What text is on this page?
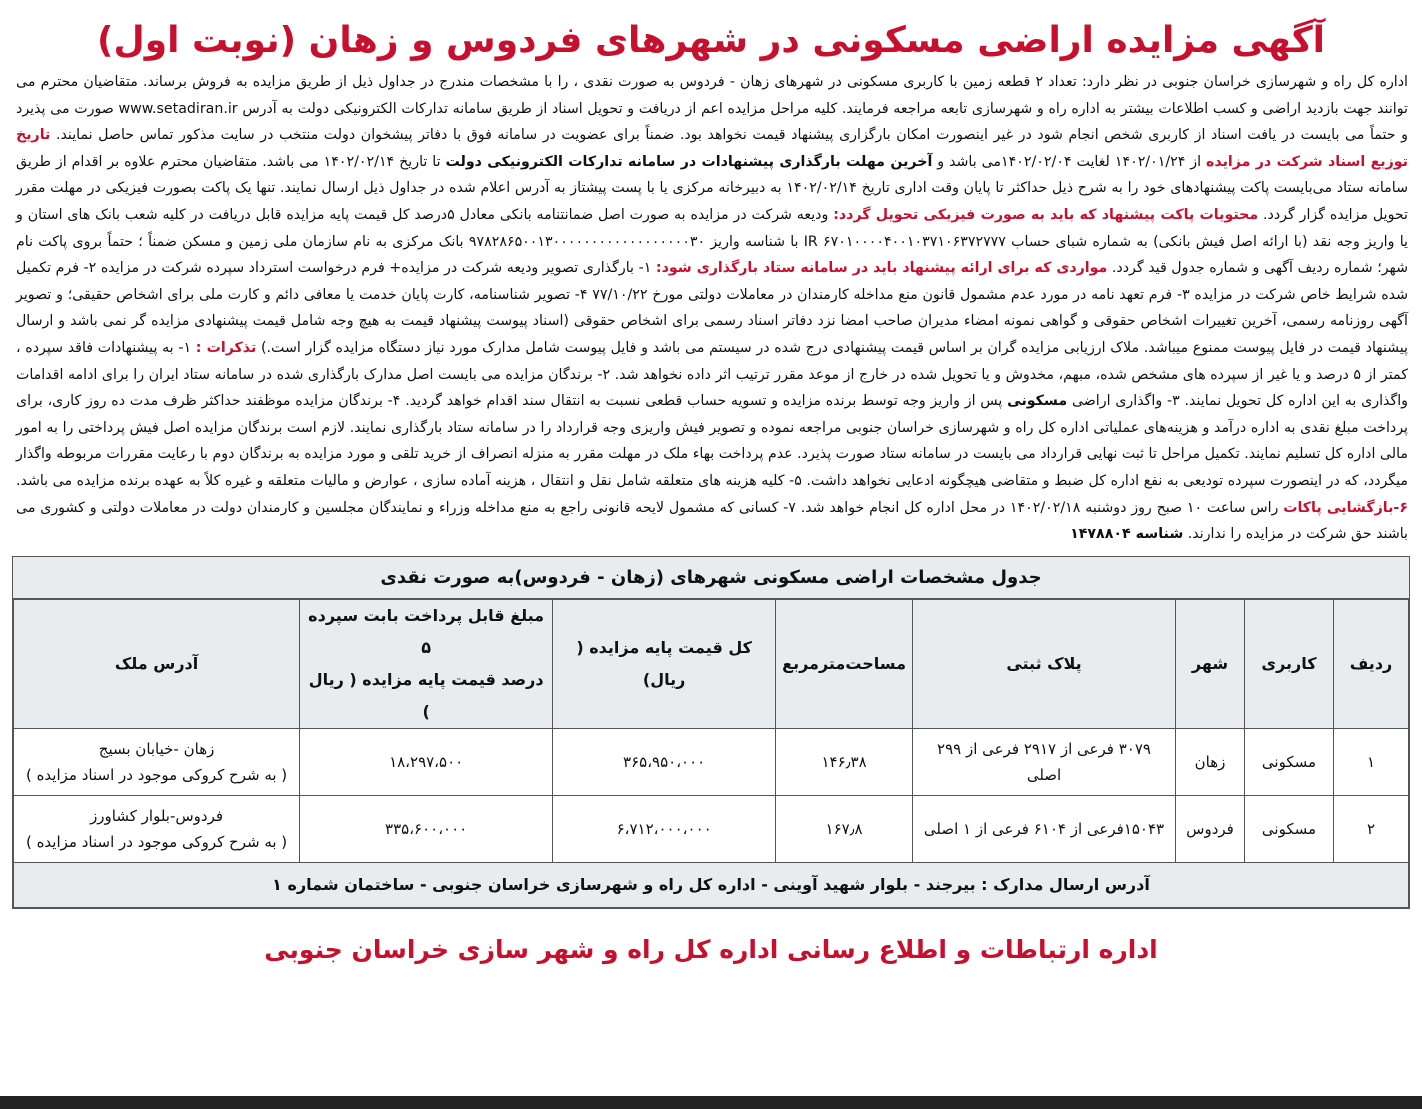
آگهی مزایده اراضی مسکونی در شهرهای فردوس و زهان (نوبت اول)

اداره کل راه و شهرسازی خراسان جنوبی در نظر دارد: تعداد ۲ قطعه زمین با کاربری مسکونی در شهرهای زهان - فردوس به صورت نقدی ، را با مشخصات مندرج در جداول ذیل از طریق مزایده به فروش برساند. متقاضیان محترم می توانند جهت بازدید اراضی و کسب اطلاعات بیشتر به اداره راه و شهرسازی تابعه مراجعه فرمایند. کلیه مراحل مزایده اعم از دریافت و تحویل اسناد از طریق سامانه تدارکات الکترونیکی دولت به آدرس www.setadiran.ir صورت می پذیرد و حتماً می بایست در یافت اسناد از کاربری شخص انجام شود در غیر اینصورت امکان بارگزاری پیشنهاد قیمت نخواهد بود. ضمناً برای عضویت در سامانه فوق با دفاتر پیشخوان دولت منتخب در سایت مذکور تماس حاصل نمایند. تاریخ توزیع اسناد شرکت در مزایده از ۱۴۰۲/۰۱/۲۴ لغایت ۱۴۰۲/۰۲/۰۴می باشد و آخرین مهلت بارگذاری پیشنهادات در سامانه تدارکات الکترونیکی دولت تا تاریخ ۱۴۰۲/۰۲/۱۴ می باشد. متقاضیان محترم علاوه بر اقدام از طریق سامانه ستاد می‌بایست پاکت پیشنهادهای خود را به شرح ذیل حداکثر تا پایان وقت اداری تاریخ ۱۴۰۲/۰۲/۱۴ به دبیرخانه مرکزی یا با پست پیشتاز به آدرس اعلام شده در جداول ذیل ارسال نمایند. تنها یک پاکت بصورت فیزیکی در مهلت مقرر تحویل مزایده گزار گردد. محتویات پاکت پیشنهاد که باید به صورت فیزیکی تحویل گردد: ودیعه شرکت در مزایده به صورت اصل ضمانتنامه بانکی معادل ۵درصد کل قیمت پایه مزایده قابل دریافت در کلیه شعب بانک های استان و یا واریز وجه نقد (با ارائه اصل فیش بانکی) به شماره شبای حساب IR ۶۷۰۱۰۰۰۰۴۰۰۱۰۳۷۱۰۶۳۷۲۷۷۷ با شناسه واریز ۹۷۸۲۸۶۵۰۰۱۳۰۰۰۰۰۰۰۰۰۰۰۰۰۰۰۰۰۰۳۰ بانک مرکزی به نام سازمان ملی زمین و مسکن ضمناً ؛ حتماً بروی پاکت نام شهر؛ شماره ردیف آگهی و شماره جدول قید گردد. مواردی که برای ارائه پیشنهاد باید در سامانه ستاد بارگذاری شود: ۱- بارگذاری تصویر ودیعه شرکت در مزایده+ فرم درخواست استرداد سپرده شرکت در مزایده ۲- فرم تکمیل شده شرایط خاص شرکت در مزایده ۳- فرم تعهد نامه در مورد عدم مشمول قانون منع مداخله کارمندان در معاملات دولتی مورخ ۷۷/۱۰/۲۲ ۴- تصویر شناسنامه، کارت پایان خدمت یا معافی دائم و کارت ملی برای اشخاص حقیقی؛ و تصویر آگهی روزنامه رسمی، آخرین تغییرات اشخاص حقوقی و گواهی نمونه امضاء مدیران صاحب امضا نزد دفاتر اسناد رسمی برای اشخاص حقوقی (اسناد پیوست پیشنهاد قیمت به هیچ وجه شامل قیمت پیشنهادی مزایده گر نمی باشد و ارسال پیشنهاد قیمت در فایل پیوست ممنوع میباشد. ملاک ارزیابی مزایده گران بر اساس قیمت پیشنهادی درج شده در سیستم می باشد و فایل پیوست شامل مدارک مورد نیاز دستگاه مزایده گزار است.) تذکرات : ۱- به پیشنهادات فاقد سپرده ، کمتر از ۵ درصد و یا غیر از سپرده های مشخص شده، مبهم، مخدوش و یا تحویل شده در خارج از موعد مقرر ترتیب اثر داده نخواهد شد. ۲- برندگان مزایده می بایست اصل مدارک بارگذاری شده در سامانه ستاد ایران را برای ادامه اقدامات واگذاری به این اداره کل تحویل نمایند. ۳- واگذاری اراضی مسکونی پس از واریز وجه توسط برنده مزایده و تسویه حساب قطعی نسبت به انتقال سند اقدام خواهد گردید. ۴- برندگان مزایده موظفند حداکثر ظرف مدت ده روز کاری، برای پرداخت مبلغ نقدی به اداره درآمد و هزینه‌های عملیاتی اداره کل راه و شهرسازی خراسان جنوبی مراجعه نموده و تصویر فیش واریزی وجه قرارداد را در سامانه ستاد بارگذاری نمایند. لازم است برندگان مزایده اصل فیش پرداختی را به امور مالی اداره کل تسلیم نمایند. تکمیل مراحل تا ثبت نهایی قرارداد می بایست در سامانه ستاد صورت پذیرد. عدم پرداخت بهاء ملک در مهلت مقرر به منزله انصراف از خرید تلقی و مورد مزایده به برندگان دوم با رعایت مقررات مربوطه واگذار میگردد، که در اینصورت سپرده تودیعی به نفع اداره کل ضبط و متقاضی هیچگونه ادعایی نخواهد داشت. ۵- کلیه هزینه های متعلقه شامل نقل و انتقال ، هزینه آماده سازی ، عوارض و مالیات متعلقه و غیره کلاً به عهده برنده مزایده می باشد. ۶-بازگشایی پاکات راس ساعت ۱۰ صبح روز دوشنبه ۱۴۰۲/۰۲/۱۸ در محل اداره کل انجام خواهد شد. ۷- کسانی که مشمول لایحه قانونی راجع به منع مداخله وزراء و نمایندگان مجلسین و کارمندان دولت در معاملات دولتی و کشوری می باشند حق شرکت در مزایده را ندارند. شناسه ۱۴۷۸۸۰۴

جدول مشخصات اراضی مسکونی شهرهای (زهان - فردوس)به صورت نقدی
ردیف	کاربری	شهر	پلاک ثبتی	مساحت‌مترمربع	کل قیمت پایه مزایده ( ریال)	مبلغ قابل پرداخت بابت سپرده ۵
درصد قیمت پایه مزایده ( ریال )	آدرس ملک
۱	مسکونی	زهان	۳۰۷۹ فرعی از ۲۹۱۷ فرعی از ۲۹۹ اصلی	۱۴۶٫۳۸	۳۶۵،۹۵۰،۰۰۰	۱۸،۲۹۷،۵۰۰	زهان -خیابان بسیج
( به شرح کروکی موجود در اسناد مزایده )

۲	مسکونی	فردوس	۱۵۰۴۳فرعی از ۶۱۰۴ فرعی از ۱ اصلی	۱۶۷٫۸	۶،۷۱۲،۰۰۰،۰۰۰	۳۳۵،۶۰۰،۰۰۰	فردوس-بلوار کشاورز
( به شرح کروکی موجود در اسناد مزایده )

آدرس ارسال مدارک : بیرجند - بلوار شهید آوینی - اداره کل راه و شهرسازی خراسان جنوبی - ساختمان شماره ۱							
اداره ارتباطات و اطلاع رسانی اداره کل راه و شهر سازی خراسان جنوبی
